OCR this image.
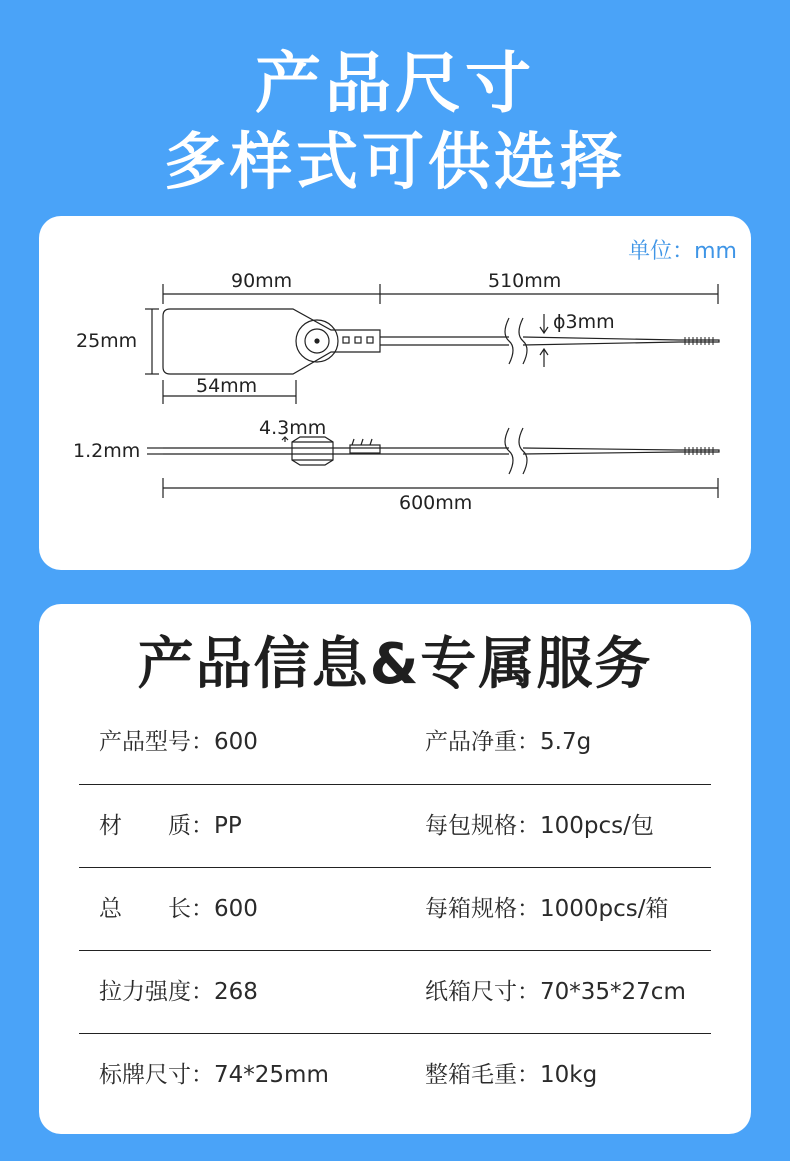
产品尺寸
多样式可供选择
单位：mm
90mm	510mm
25mm
ϕ3mm
54mm
4.3mm
1.2mm
600mm
产品信息&专属服务
产品型号：600	产品净重：5.7g
材　　质：PP	每包规格：100pcs/包
总　　长：600	每箱规格：1000pcs/箱
拉力强度：268	纸箱尺寸：70*35*27cm
标牌尺寸：74*25mm	整箱毛重：10kg
